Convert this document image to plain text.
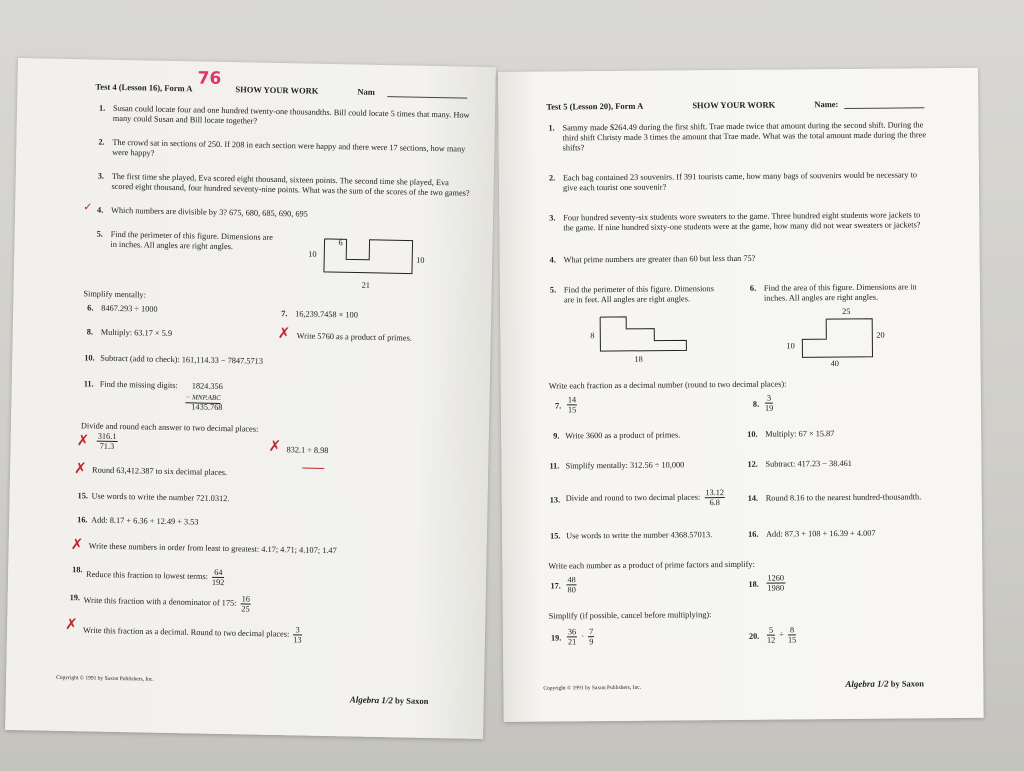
Test 4 (Lesson 16), Form A 76
SHOW YOUR WORK	Nam
1. Susan could locate four and one hundred twenty-one thousandths. Bill could locate 5 times that many. How many could Susan and Bill locate together?
2. The crowd sat in sections of 250. If 208 in each section were happy and there were 17 sections, how many were happy?
3. The first time she played, Eva scored eight thousand, sixteen points. The second time she played, Eva scored eight thousand, four hundred seventy-nine points. What was the sum of the scores of the two games?
✓ 4. Which numbers are divisible by 3? 675, 680, 685, 690, 695
5. Find the perimeter of this figure. Dimensions are in inches. All angles are right angles.
10
6
10
21
Simplify mentally:
6. 8467.293 ÷ 1000	7. 16,239.7458 × 100
8. Multiply: 63.17 × 5.9	✗ Write 5760 as a product of primes.
10. Subtract (add to check): 161,114.33 − 7847.5713
11. Find the missing digits: 1824.356
− MNP.ABC
1435.768
Divide and round each answer to two decimal places:
✗ $\frac{316.1}{71.3}$	✗ 832.1 ÷ 8.98
✗ Round 63,412.387 to six decimal places.
15. Use words to write the number 721.0312.
16. Add: 8.17 + 6.36 + 12.49 + 3.53
✗ Write these numbers in order from least to greatest: 4.17; 4.71; 4.107; 1.47
18.
Reduce this fraction to lowest terms: $\frac{64}{192}$
19. Write this fraction with a denominator of 175: $\frac{16}{25}$
✗ Write this fraction as a decimal. Round to two decimal places: $\frac{3}{13}$
Copyright © 1991 by Saxon Publishers, Inc.
Algebra 1/2 by Saxon
Test 5 (Lesson 20), Form A	SHOW YOUR WORK	Name:
1. Sammy made $264.49 during the first shift. Trae made twice that amount during the second shift. During the third shift Christy made 3 times the amount that Trae made. What was the total amount made during the three shifts?
2. Each bag contained 23 souvenirs. If 391 tourists came, how many bags of souvenirs would be necessary to give each tourist one souvenir?
3. Four hundred seventy-six students wore sweaters to the game. Three hundred eight students wore jackets to the game. If nine hundred sixty-one students were at the game, how many did not wear sweaters or jackets?
4. What prime numbers are greater than 60 but less than 75?
5. Find the perimeter of this figure. Dimensions are in feet. All angles are right angles.
6. Find the area of this figure. Dimensions are in inches. All angles are right angles.
8
18
25
20
10
40
Write each fraction as a decimal number (round to two decimal places):
7. $\frac{14}{15}$	8. $\frac{3}{19}$
9. Write 3600 as a product of primes.	10. Multiply: 67 × 15.87
11. Simplify mentally: 312.56 ÷ 10,000	12. Subtract: 417.23 − 38.461
13. Divide and round to two decimal places: $\frac{13.12}{6.8}$	14. Round 8.16 to the nearest hundred-thousandth.
15. Use words to write the number 4368.57013.	16. Add: 87.3 + 108 + 16.39 + 4.007
Write each number as a product of prime factors and simplify:
17. $\frac{48}{80}$	18. $\frac{1260}{1980}$
Simplify (if possible, cancel before multiplying):
19. $\frac{36}{21} \cdot \frac{7}{9}$	20. $\frac{5}{12} \div \frac{8}{15}$
Copyright © 1991 by Saxon Publishers, Inc.	Algebra 1/2 by Saxon
